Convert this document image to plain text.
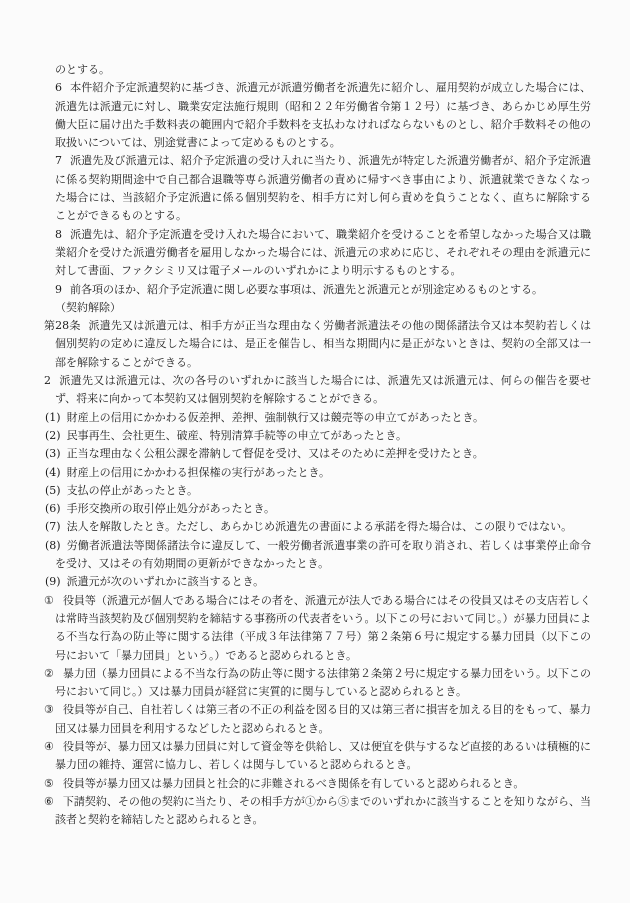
のとする。

6 本件紹介予定派遣契約に基づき、派遣元が派遣労働者を派遣先に紹介し、雇用契約が成立した場合には、派遣先は派遣元に対し、職業安定法施行規則（昭和２２年労働省令第１２号）に基づき、あらかじめ厚生労働大臣に届け出た手数料表の範囲内で紹介手数料を支払わなければならないものとし、紹介手数料その他の取扱いについては、別途覚書によって定めるものとする。

7 派遣先及び派遣元は、紹介予定派遣の受け入れに当たり、派遣先が特定した派遣労働者が、紹介予定派遣に係る契約期間途中で自己都合退職等専ら派遣労働者の責めに帰すべき事由により、派遣就業できなくなった場合には、当該紹介予定派遣に係る個別契約を、相手方に対し何ら責めを負うことなく、直ちに解除することができるものとする。

8 派遣先は、紹介予定派遣を受け入れた場合において、職業紹介を受けることを希望しなかった場合又は職業紹介を受けた派遣労働者を雇用しなかった場合には、派遣元の求めに応じ、それぞれその理由を派遣元に対して書面、ファクシミリ又は電子メールのいずれかにより明示するものとする。

9 前各項のほか、紹介予定派遣に関し必要な事項は、派遣先と派遣元とが別途定めるものとする。

（契約解除）

第28条 派遣先又は派遣元は、相手方が正当な理由なく労働者派遣法その他の関係諸法令又は本契約若しくは個別契約の定めに違反した場合には、是正を催告し、相当な期間内に是正がないときは、契約の全部又は一部を解除することができる。

2 派遣先又は派遣元は、次の各号のいずれかに該当した場合には、派遣先又は派遣元は、何らの催告を要せず、将来に向かって本契約又は個別契約を解除することができる。

(1) 財産上の信用にかかわる仮差押、差押、強制執行又は競売等の申立てがあったとき。

(2) 民事再生、会社更生、破産、特別清算手続等の申立てがあったとき。

(3) 正当な理由なく公租公課を滞納して督促を受け、又はそのために差押を受けたとき。

(4) 財産上の信用にかかわる担保権の実行があったとき。

(5) 支払の停止があったとき。

(6) 手形交換所の取引停止処分があったとき。

(7) 法人を解散したとき。ただし、あらかじめ派遣先の書面による承諾を得た場合は、この限りではない。

(8) 労働者派遣法等関係諸法令に違反して、一般労働者派遣事業の許可を取り消され、若しくは事業停止命令を受け、又はその有効期間の更新ができなかったとき。

(9) 派遣元が次のいずれかに該当するとき。

① 役員等（派遣元が個人である場合にはその者を、派遣元が法人である場合にはその役員又はその支店若しくは常時当該契約及び個別契約を締結する事務所の代表者をいう。以下この号において同じ。）が暴力団員による不当な行為の防止等に関する法律（平成３年法律第７７号）第２条第６号に規定する暴力団員（以下この号において「暴力団員」という。）であると認められるとき。

② 暴力団（暴力団員による不当な行為の防止等に関する法律第２条第２号に規定する暴力団をいう。以下この号において同じ。）又は暴力団員が経営に実質的に関与していると認められるとき。

③ 役員等が自己、自社若しくは第三者の不正の利益を図る目的又は第三者に損害を加える目的をもって、暴力団又は暴力団員を利用するなどしたと認められるとき。

④ 役員等が、暴力団又は暴力団員に対して資金等を供給し、又は便宜を供与するなど直接的あるいは積極的に暴力団の維持、運営に協力し、若しくは関与していると認められるとき。

⑤ 役員等が暴力団又は暴力団員と社会的に非難されるべき関係を有していると認められるとき。

⑥ 下請契約、その他の契約に当たり、その相手方が①から⑤までのいずれかに該当することを知りながら、当該者と契約を締結したと認められるとき。
